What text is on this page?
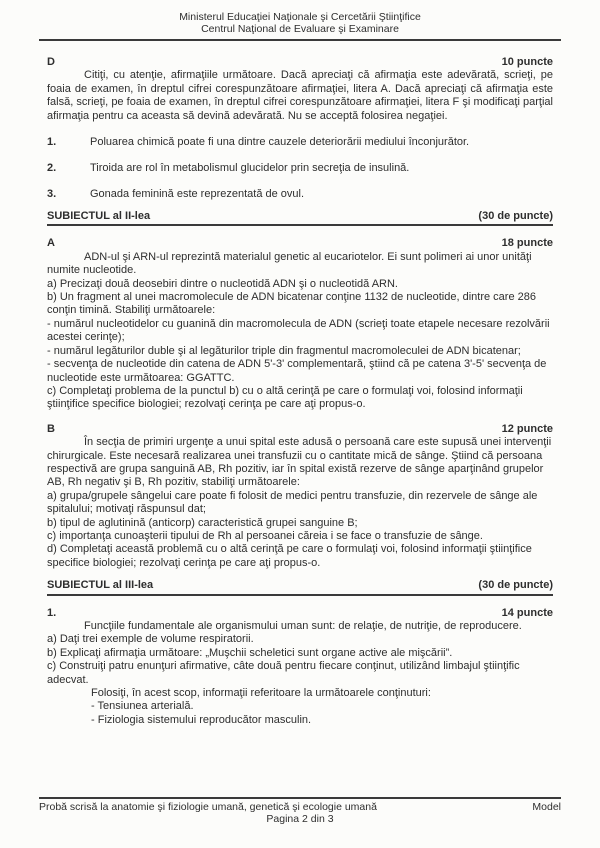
Ministerul Educaţiei Naţionale şi Cercetării Ştiinţifice
Centrul Naţional de Evaluare şi Examinare
D	10 puncte

Citiţi, cu atenţie, afirmaţiile următoare. Dacă apreciaţi că afirmaţia este adevărată, scrieţi, pe foaia de examen, în dreptul cifrei corespunzătoare afirmaţiei, litera A. Dacă apreciaţi că afirmaţia este falsă, scrieţi, pe foaia de examen, în dreptul cifrei corespunzătoare afirmaţiei, litera F şi modificaţi parţial afirmaţia pentru ca aceasta să devină adevărată. Nu se acceptă folosirea negaţiei.

1.	Poluarea chimică poate fi una dintre cauzele deteriorării mediului înconjurător.
2.	Tiroida are rol în metabolismul glucidelor prin secreţia de insulină.
3.	Gonada feminină este reprezentată de ovul.
SUBIECTUL al II-lea	(30 de puncte)
A	18 puncte

ADN-ul şi ARN-ul reprezintă materialul genetic al eucariotelor. Ei sunt polimeri ai unor unităţi numite nucleotide.

a) Precizaţi două deosebiri dintre o nucleotidă ADN şi o nucleotidă ARN.

b) Un fragment al unei macromolecule de ADN bicatenar conţine 1132 de nucleotide, dintre care 286 conţin timină. Stabiliţi următoarele:

- numărul nucleotidelor cu guanină din macromolecula de ADN (scrieţi toate etapele necesare rezolvării acestei cerinţe);

- numărul legăturilor duble şi al legăturilor triple din fragmentul macromoleculei de ADN bicatenar;

- secvenţa de nucleotide din catena de ADN 5'-3' complementară, ştiind că pe catena 3'-5' secvenţa de nucleotide este următoarea: GGATTC.

c) Completaţi problema de la punctul b) cu o altă cerinţă pe care o formulaţi voi, folosind informaţii ştiinţifice specifice biologiei; rezolvaţi cerinţa pe care aţi propus-o.

B	12 puncte

În secţia de primiri urgenţe a unui spital este adusă o persoană care este supusă unei intervenţii chirurgicale. Este necesară realizarea unei transfuzii cu o cantitate mică de sânge. Ştiind că persoana respectivă are grupa sanguină AB, Rh pozitiv, iar în spital există rezerve de sânge aparţinând grupelor AB, Rh negativ şi B, Rh pozitiv, stabiliţi următoarele:

a) grupa/grupele sângelui care poate fi folosit de medici pentru transfuzie, din rezervele de sânge ale spitalului; motivaţi răspunsul dat;

b) tipul de aglutinină (anticorp) caracteristică grupei sanguine B;

c) importanţa cunoaşterii tipului de Rh al persoanei căreia i se face o transfuzie de sânge.

d) Completaţi această problemă cu o altă cerinţă pe care o formulaţi voi, folosind informaţii ştiinţifice specifice biologiei; rezolvaţi cerinţa pe care aţi propus-o.

SUBIECTUL al III-lea	(30 de puncte)
1.	14 puncte

Funcţiile fundamentale ale organismului uman sunt: de relaţie, de nutriţie, de reproducere.

a) Daţi trei exemple de volume respiratorii.

b) Explicaţi afirmaţia următoare: „Muşchii scheletici sunt organe active ale mişcării”.

c) Construiţi patru enunţuri afirmative, câte două pentru fiecare conţinut, utilizând limbajul ştiinţific adecvat.

Folosiţi, în acest scop, informaţii referitoare la următoarele conţinuturi:

- Tensiunea arterială.

- Fiziologia sistemului reproducător masculin.

Probă scrisă la anatomie şi fiziologie umană, genetică şi ecologie umană	Model
Pagina 2 din 3
